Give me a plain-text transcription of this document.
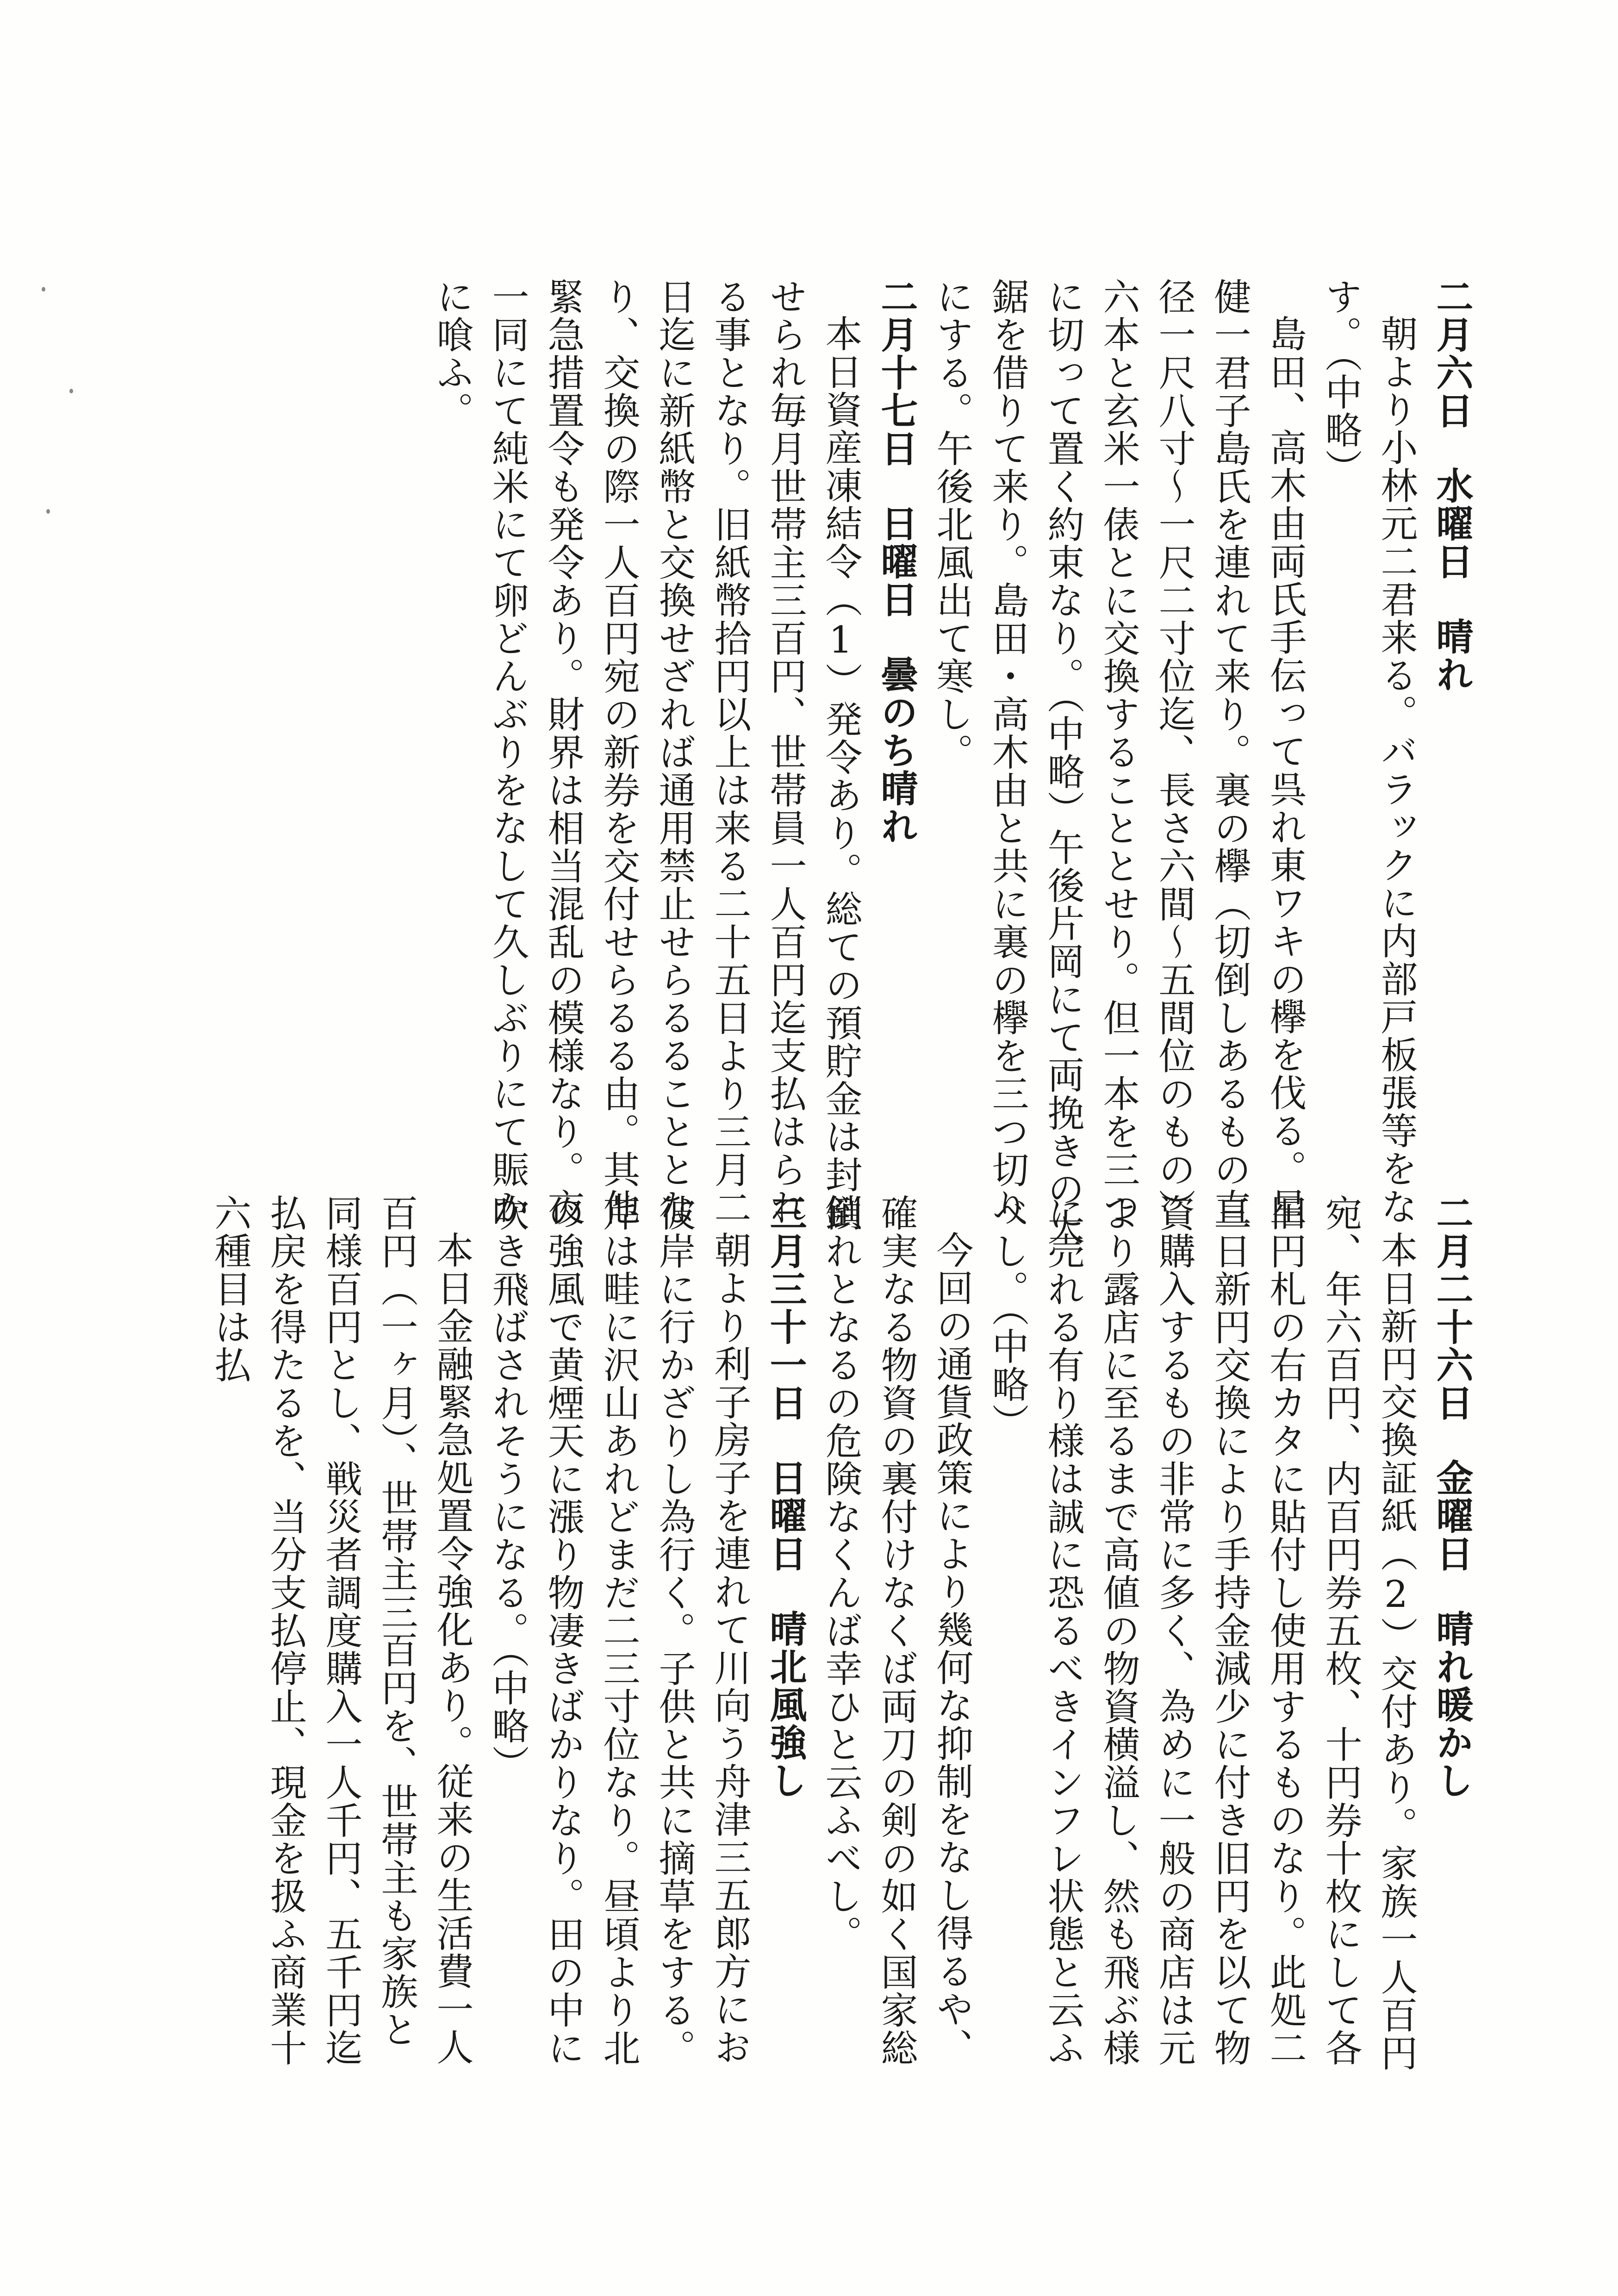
二月六日水曜日晴れ

朝より小林元二君来る。バラックに内部戸板張等をなす。（中略）

島田、高木由両氏手伝って呉れ東ワキの欅を伐る。星健一君子島氏を連れて来り。裏の欅（切倒しあるもの直径一尺八寸～一尺二寸位迄、長さ六間～五間位のもの）六本と玄米一俵とに交換することとせり。但一本を三つに切って置く約束なり。（中略）午後片岡にて両挽きの大鋸を借りて来り。島田・高木由と共に裏の欅を三つ切りにする。午後北風出て寒し。

二月十七日日曜日曇のち晴れ

本日資産凍結令（1）発令あり。総ての預貯金は封鎖せられ毎月世帯主三百円、世帯員一人百円迄支払はられる事となり。旧紙幣拾円以上は来る二十五日より三月二日迄に新紙幣と交換せざれば通用禁止せらるることとなり、交換の際一人百円宛の新券を交付せらるる由。其他緊急措置令も発令あり。財界は相当混乱の模様なり。夜一同にて純米にて卵どんぶりをなして久しぶりにて賑かに喰ふ。

二月二十六日金曜日晴れ暖かし

本日新円交換証紙（2）交付あり。家族一人百円宛、年六百円、内百円券五枚、十円券十枚にして各旧円札の右カタに貼付し使用するものなり。此処二三日新円交換により手持金減少に付き旧円を以て物資購入するもの非常に多く、為めに一般の商店は元より露店に至るまで高値の物資横溢し、然も飛ぶ様に売れる有り様は誠に恐るべきインフレ状態と云ふべし。（中略）

今回の通貨政策により幾何な抑制をなし得るや、確実なる物資の裏付けなくば両刀の剣の如く国家総倒れとなるの危険なくんば幸ひと云ふべし。

三月三十一日日曜日晴北風強し

朝より利子房子を連れて川向う舟津三五郎方にお彼岸に行かざりし為行く。子供と共に摘草をする。芹は畦に沢山あれどまだ二三寸位なり。昼頃より北の強風で黄煙天に漲り物凄きばかりなり。田の中に吹き飛ばされそうになる。（中略）

本日金融緊急処置令強化あり。従来の生活費一人百円（一ヶ月）、世帯主三百円を、世帯主も家族と同様百円とし、戦災者調度購入一人千円、五千円迄払戻を得たるを、当分支払停止、現金を扱ふ商業十六種目は払
